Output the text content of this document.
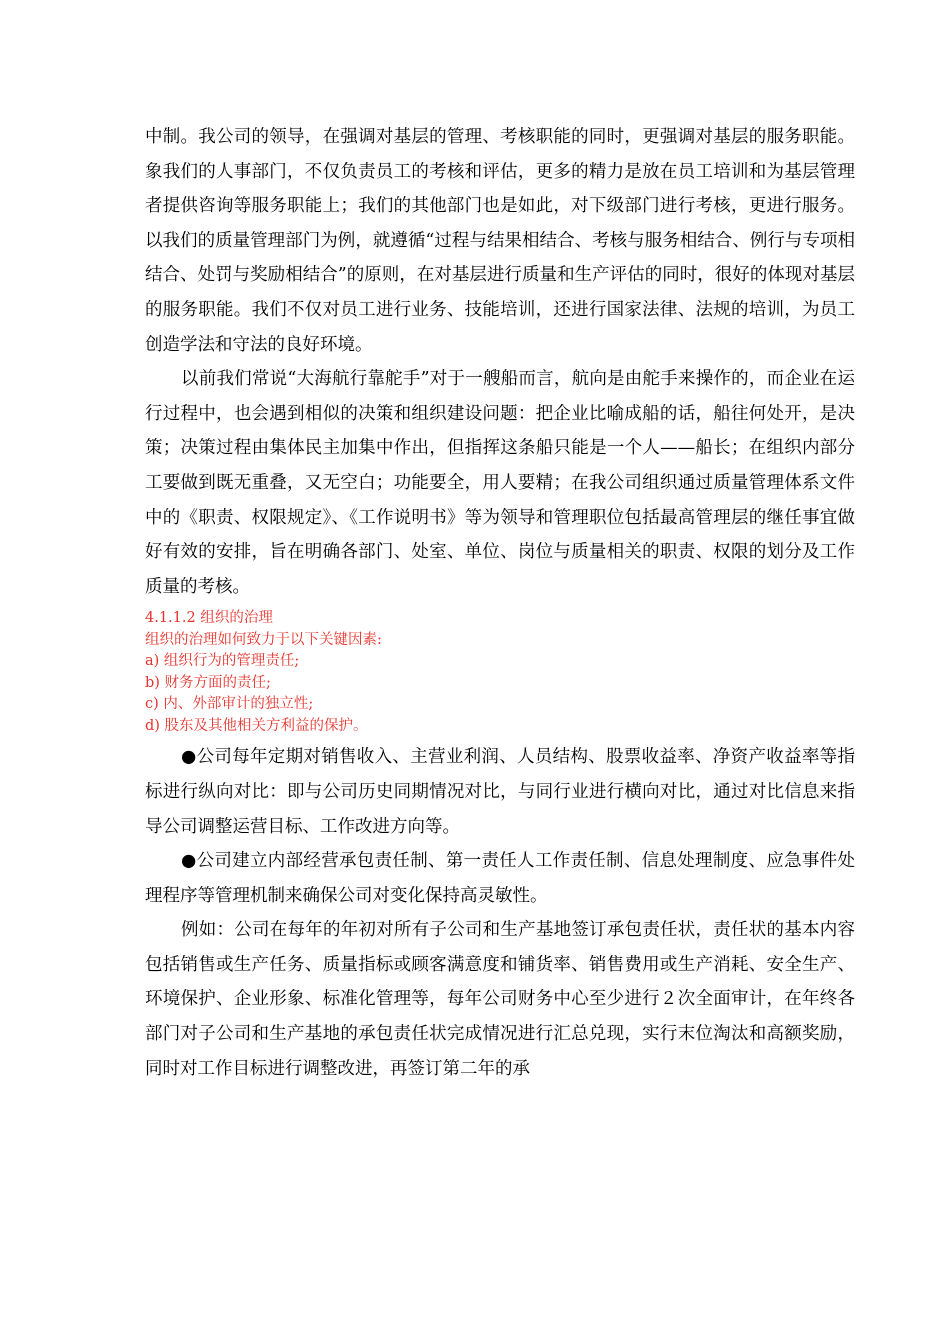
中制。我公司的领导，在强调对基层的管理、考核职能的同时，更强调对基层的服务职能。象我们的人事部门，不仅负责员工的考核和评估，更多的精力是放在员工培训和为基层管理者提供咨询等服务职能上；我们的其他部门也是如此，对下级部门进行考核，更进行服务。以我们的质量管理部门为例，就遵循“过程与结果相结合、考核与服务相结合、例行与专项相结合、处罚与奖励相结合”的原则，在对基层进行质量和生产评估的同时，很好的体现对基层的服务职能。我们不仅对员工进行业务、技能培训，还进行国家法律、法规的培训，为员工创造学法和守法的良好环境。

以前我们常说“大海航行靠舵手”对于一艘船而言，航向是由舵手来操作的，而企业在运行过程中，也会遇到相似的决策和组织建设问题：把企业比喻成船的话，船往何处开，是决策；决策过程由集体民主加集中作出，但指挥这条船只能是一个人——船长；在组织内部分工要做到既无重叠，又无空白；功能要全，用人要精；在我公司组织通过质量管理体系文件中的《职责、权限规定》、《工作说明书》等为领导和管理职位包括最高管理层的继任事宜做好有效的安排，旨在明确各部门、处室、单位、岗位与质量相关的职责、权限的划分及工作质量的考核。

4.1.1.2 组织的治理
组织的治理如何致力于以下关键因素:
a) 组织行为的管理责任;
b) 财务方面的责任;
c) 内、外部审计的独立性;
d) 股东及其他相关方利益的保护。

●公司每年定期对销售收入、主营业利润、人员结构、股票收益率、净资产收益率等指标进行纵向对比：即与公司历史同期情况对比，与同行业进行横向对比，通过对比信息来指导公司调整运营目标、工作改进方向等。

●公司建立内部经营承包责任制、第一责任人工作责任制、信息处理制度、应急事件处理程序等管理机制来确保公司对变化保持高灵敏性。

例如：公司在每年的年初对所有子公司和生产基地签订承包责任状，责任状的基本内容包括销售或生产任务、质量指标或顾客满意度和铺货率、销售费用或生产消耗、安全生产、环境保护、企业形象、标准化管理等，每年公司财务中心至少进行２次全面审计，在年终各部门对子公司和生产基地的承包责任状完成情况进行汇总兑现，实行末位淘汰和高额奖励，同时对工作目标进行调整改进，再签订第二年的承
